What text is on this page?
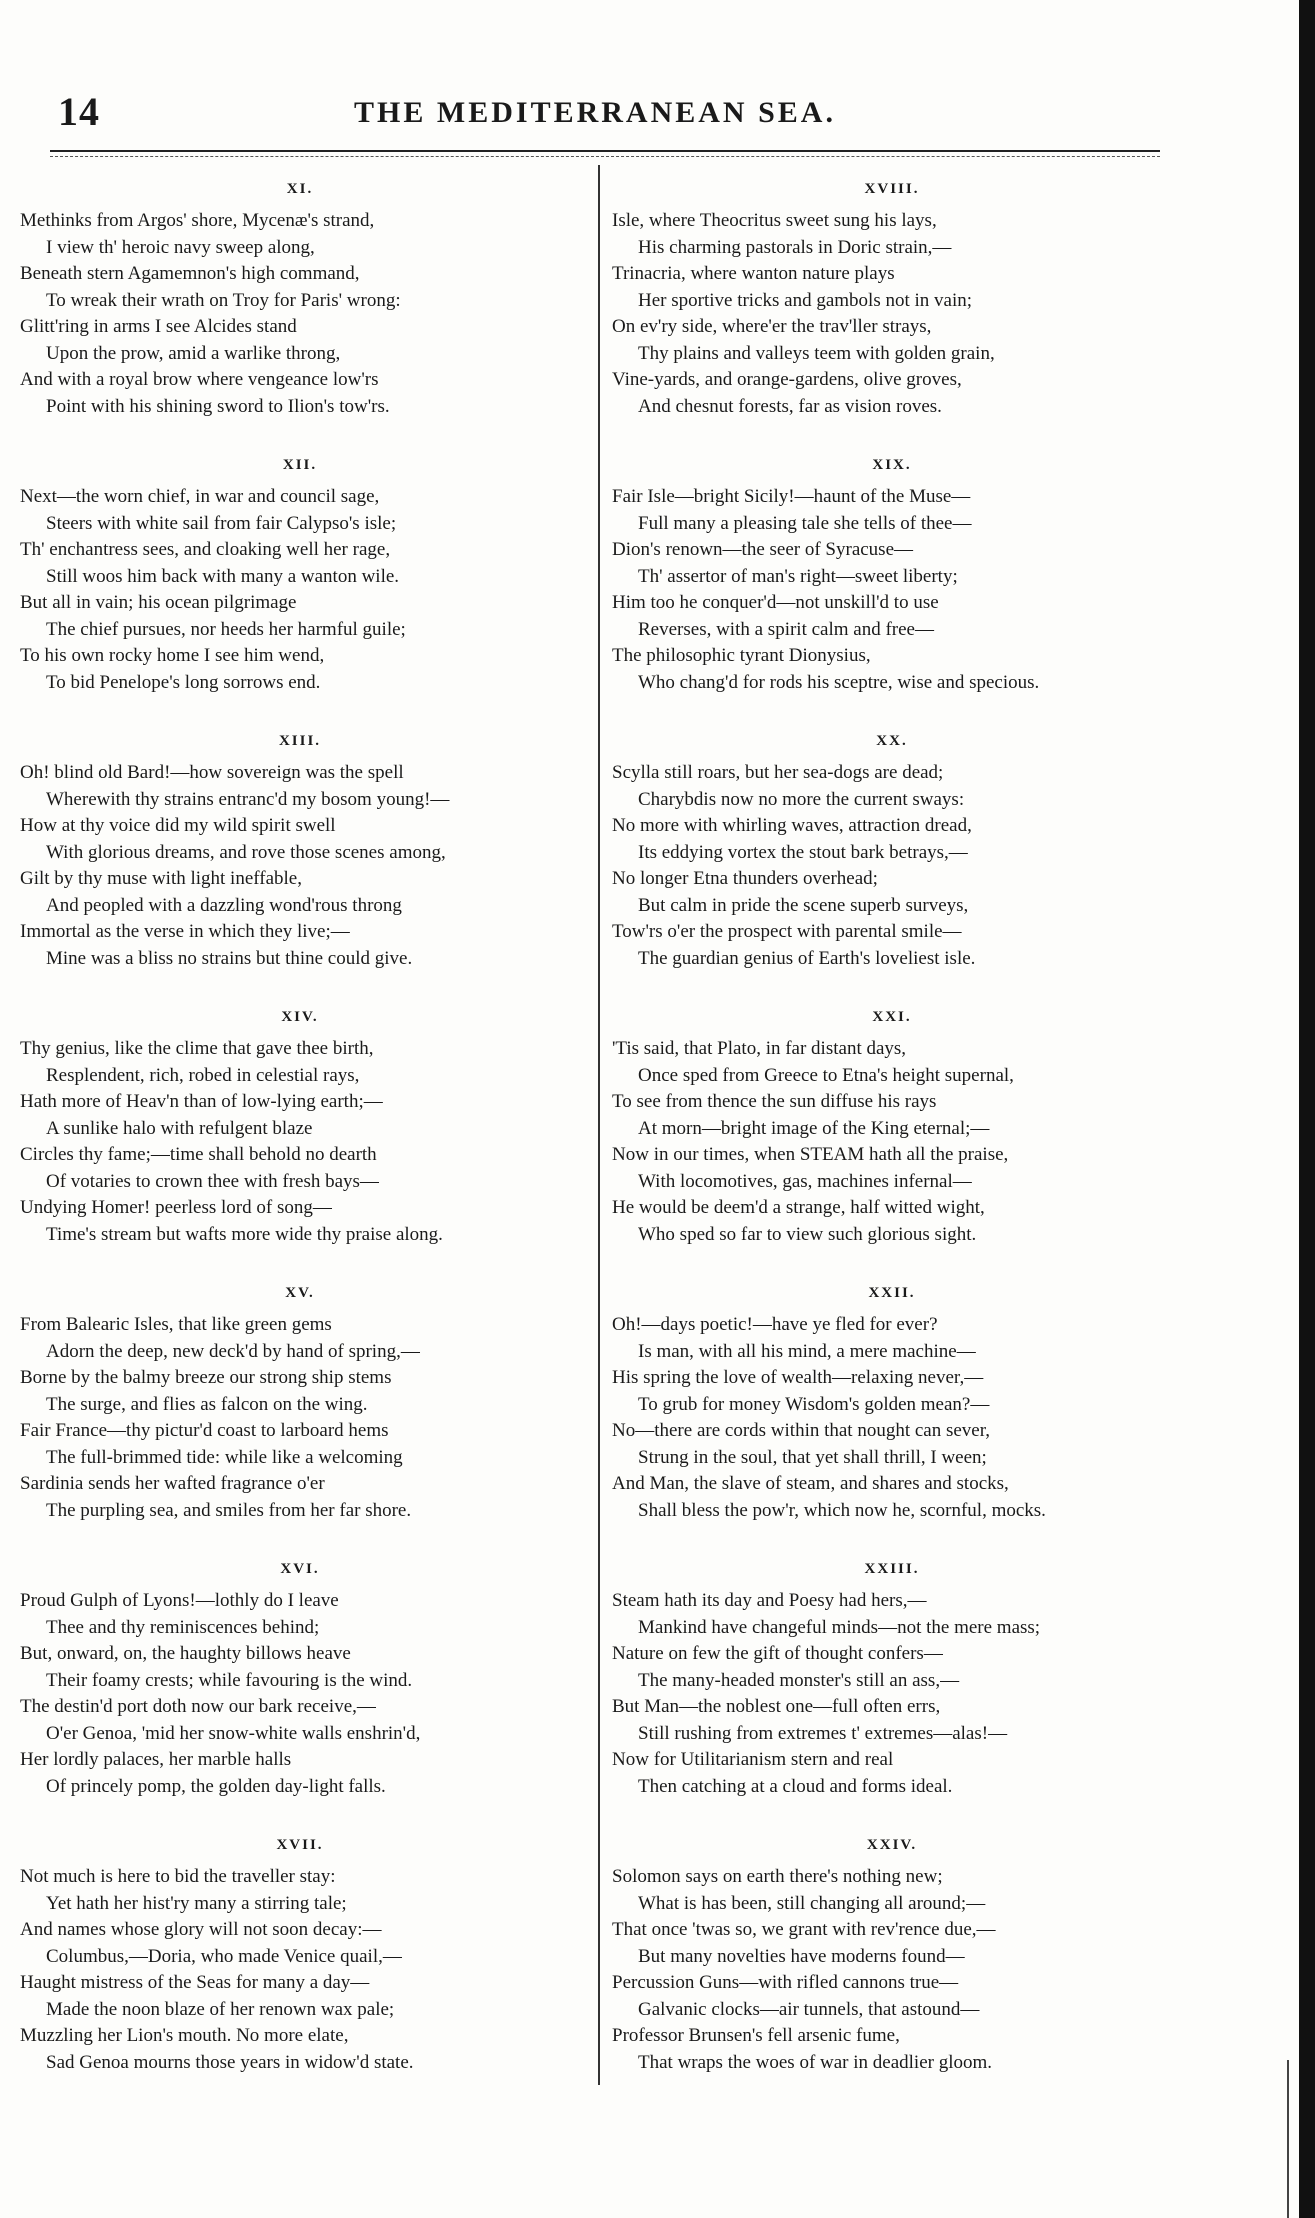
14	THE MEDITERRANEAN SEA.
XI.
Methinks from Argos' shore, Mycenæ's strand,
I view th' heroic navy sweep along,
Beneath stern Agamemnon's high command,
To wreak their wrath on Troy for Paris' wrong:
Glitt'ring in arms I see Alcides stand
Upon the prow, amid a warlike throng,
And with a royal brow where vengeance low'rs
Point with his shining sword to Ilion's tow'rs.
XII.
Next—the worn chief, in war and council sage,
Steers with white sail from fair Calypso's isle;
Th' enchantress sees, and cloaking well her rage,
Still woos him back with many a wanton wile.
But all in vain; his ocean pilgrimage
The chief pursues, nor heeds her harmful guile;
To his own rocky home I see him wend,
To bid Penelope's long sorrows end.
XIII.
Oh! blind old Bard!—how sovereign was the spell
Wherewith thy strains entranc'd my bosom young!—
How at thy voice did my wild spirit swell
With glorious dreams, and rove those scenes among,
Gilt by thy muse with light ineffable,
And peopled with a dazzling wond'rous throng
Immortal as the verse in which they live;—
Mine was a bliss no strains but thine could give.
XIV.
Thy genius, like the clime that gave thee birth,
Resplendent, rich, robed in celestial rays,
Hath more of Heav'n than of low-lying earth;—
A sunlike halo with refulgent blaze
Circles thy fame;—time shall behold no dearth
Of votaries to crown thee with fresh bays—
Undying Homer! peerless lord of song—
Time's stream but wafts more wide thy praise along.
XV.
From Balearic Isles, that like green gems
Adorn the deep, new deck'd by hand of spring,—
Borne by the balmy breeze our strong ship stems
The surge, and flies as falcon on the wing.
Fair France—thy pictur'd coast to larboard hems
The full-brimmed tide: while like a welcoming
Sardinia sends her wafted fragrance o'er
The purpling sea, and smiles from her far shore.
XVI.
Proud Gulph of Lyons!—lothly do I leave
Thee and thy reminiscences behind;
But, onward, on, the haughty billows heave
Their foamy crests; while favouring is the wind.
The destin'd port doth now our bark receive,—
O'er Genoa, 'mid her snow-white walls enshrin'd,
Her lordly palaces, her marble halls
Of princely pomp, the golden day-light falls.
XVII.
Not much is here to bid the traveller stay:
Yet hath her hist'ry many a stirring tale;
And names whose glory will not soon decay:—
Columbus,—Doria, who made Venice quail,—
Haught mistress of the Seas for many a day—
Made the noon blaze of her renown wax pale;
Muzzling her Lion's mouth. No more elate,
Sad Genoa mourns those years in widow'd state.
XVIII.
Isle, where Theocritus sweet sung his lays,
His charming pastorals in Doric strain,—
Trinacria, where wanton nature plays
Her sportive tricks and gambols not in vain;
On ev'ry side, where'er the trav'ller strays,
Thy plains and valleys teem with golden grain,
Vine-yards, and orange-gardens, olive groves,
And chesnut forests, far as vision roves.
XIX.
Fair Isle—bright Sicily!—haunt of the Muse—
Full many a pleasing tale she tells of thee—
Dion's renown—the seer of Syracuse—
Th' assertor of man's right—sweet liberty;
Him too he conquer'd—not unskill'd to use
Reverses, with a spirit calm and free—
The philosophic tyrant Dionysius,
Who chang'd for rods his sceptre, wise and specious.
XX.
Scylla still roars, but her sea-dogs are dead;
Charybdis now no more the current sways:
No more with whirling waves, attraction dread,
Its eddying vortex the stout bark betrays,—
No longer Etna thunders overhead;
But calm in pride the scene superb surveys,
Tow'rs o'er the prospect with parental smile—
The guardian genius of Earth's loveliest isle.
XXI.
'Tis said, that Plato, in far distant days,
Once sped from Greece to Etna's height supernal,
To see from thence the sun diffuse his rays
At morn—bright image of the King eternal;—
Now in our times, when STEAM hath all the praise,
With locomotives, gas, machines infernal—
He would be deem'd a strange, half witted wight,
Who sped so far to view such glorious sight.
XXII.
Oh!—days poetic!—have ye fled for ever?
Is man, with all his mind, a mere machine—
His spring the love of wealth—relaxing never,—
To grub for money Wisdom's golden mean?—
No—there are cords within that nought can sever,
Strung in the soul, that yet shall thrill, I ween;
And Man, the slave of steam, and shares and stocks,
Shall bless the pow'r, which now he, scornful, mocks.
XXIII.
Steam hath its day and Poesy had hers,—
Mankind have changeful minds—not the mere mass;
Nature on few the gift of thought confers—
The many-headed monster's still an ass,—
But Man—the noblest one—full often errs,
Still rushing from extremes t' extremes—alas!—
Now for Utilitarianism stern and real
Then catching at a cloud and forms ideal.
XXIV.
Solomon says on earth there's nothing new;
What is has been, still changing all around;—
That once 'twas so, we grant with rev'rence due,—
But many novelties have moderns found—
Percussion Guns—with rifled cannons true—
Galvanic clocks—air tunnels, that astound—
Professor Brunsen's fell arsenic fume,
That wraps the woes of war in deadlier gloom.
